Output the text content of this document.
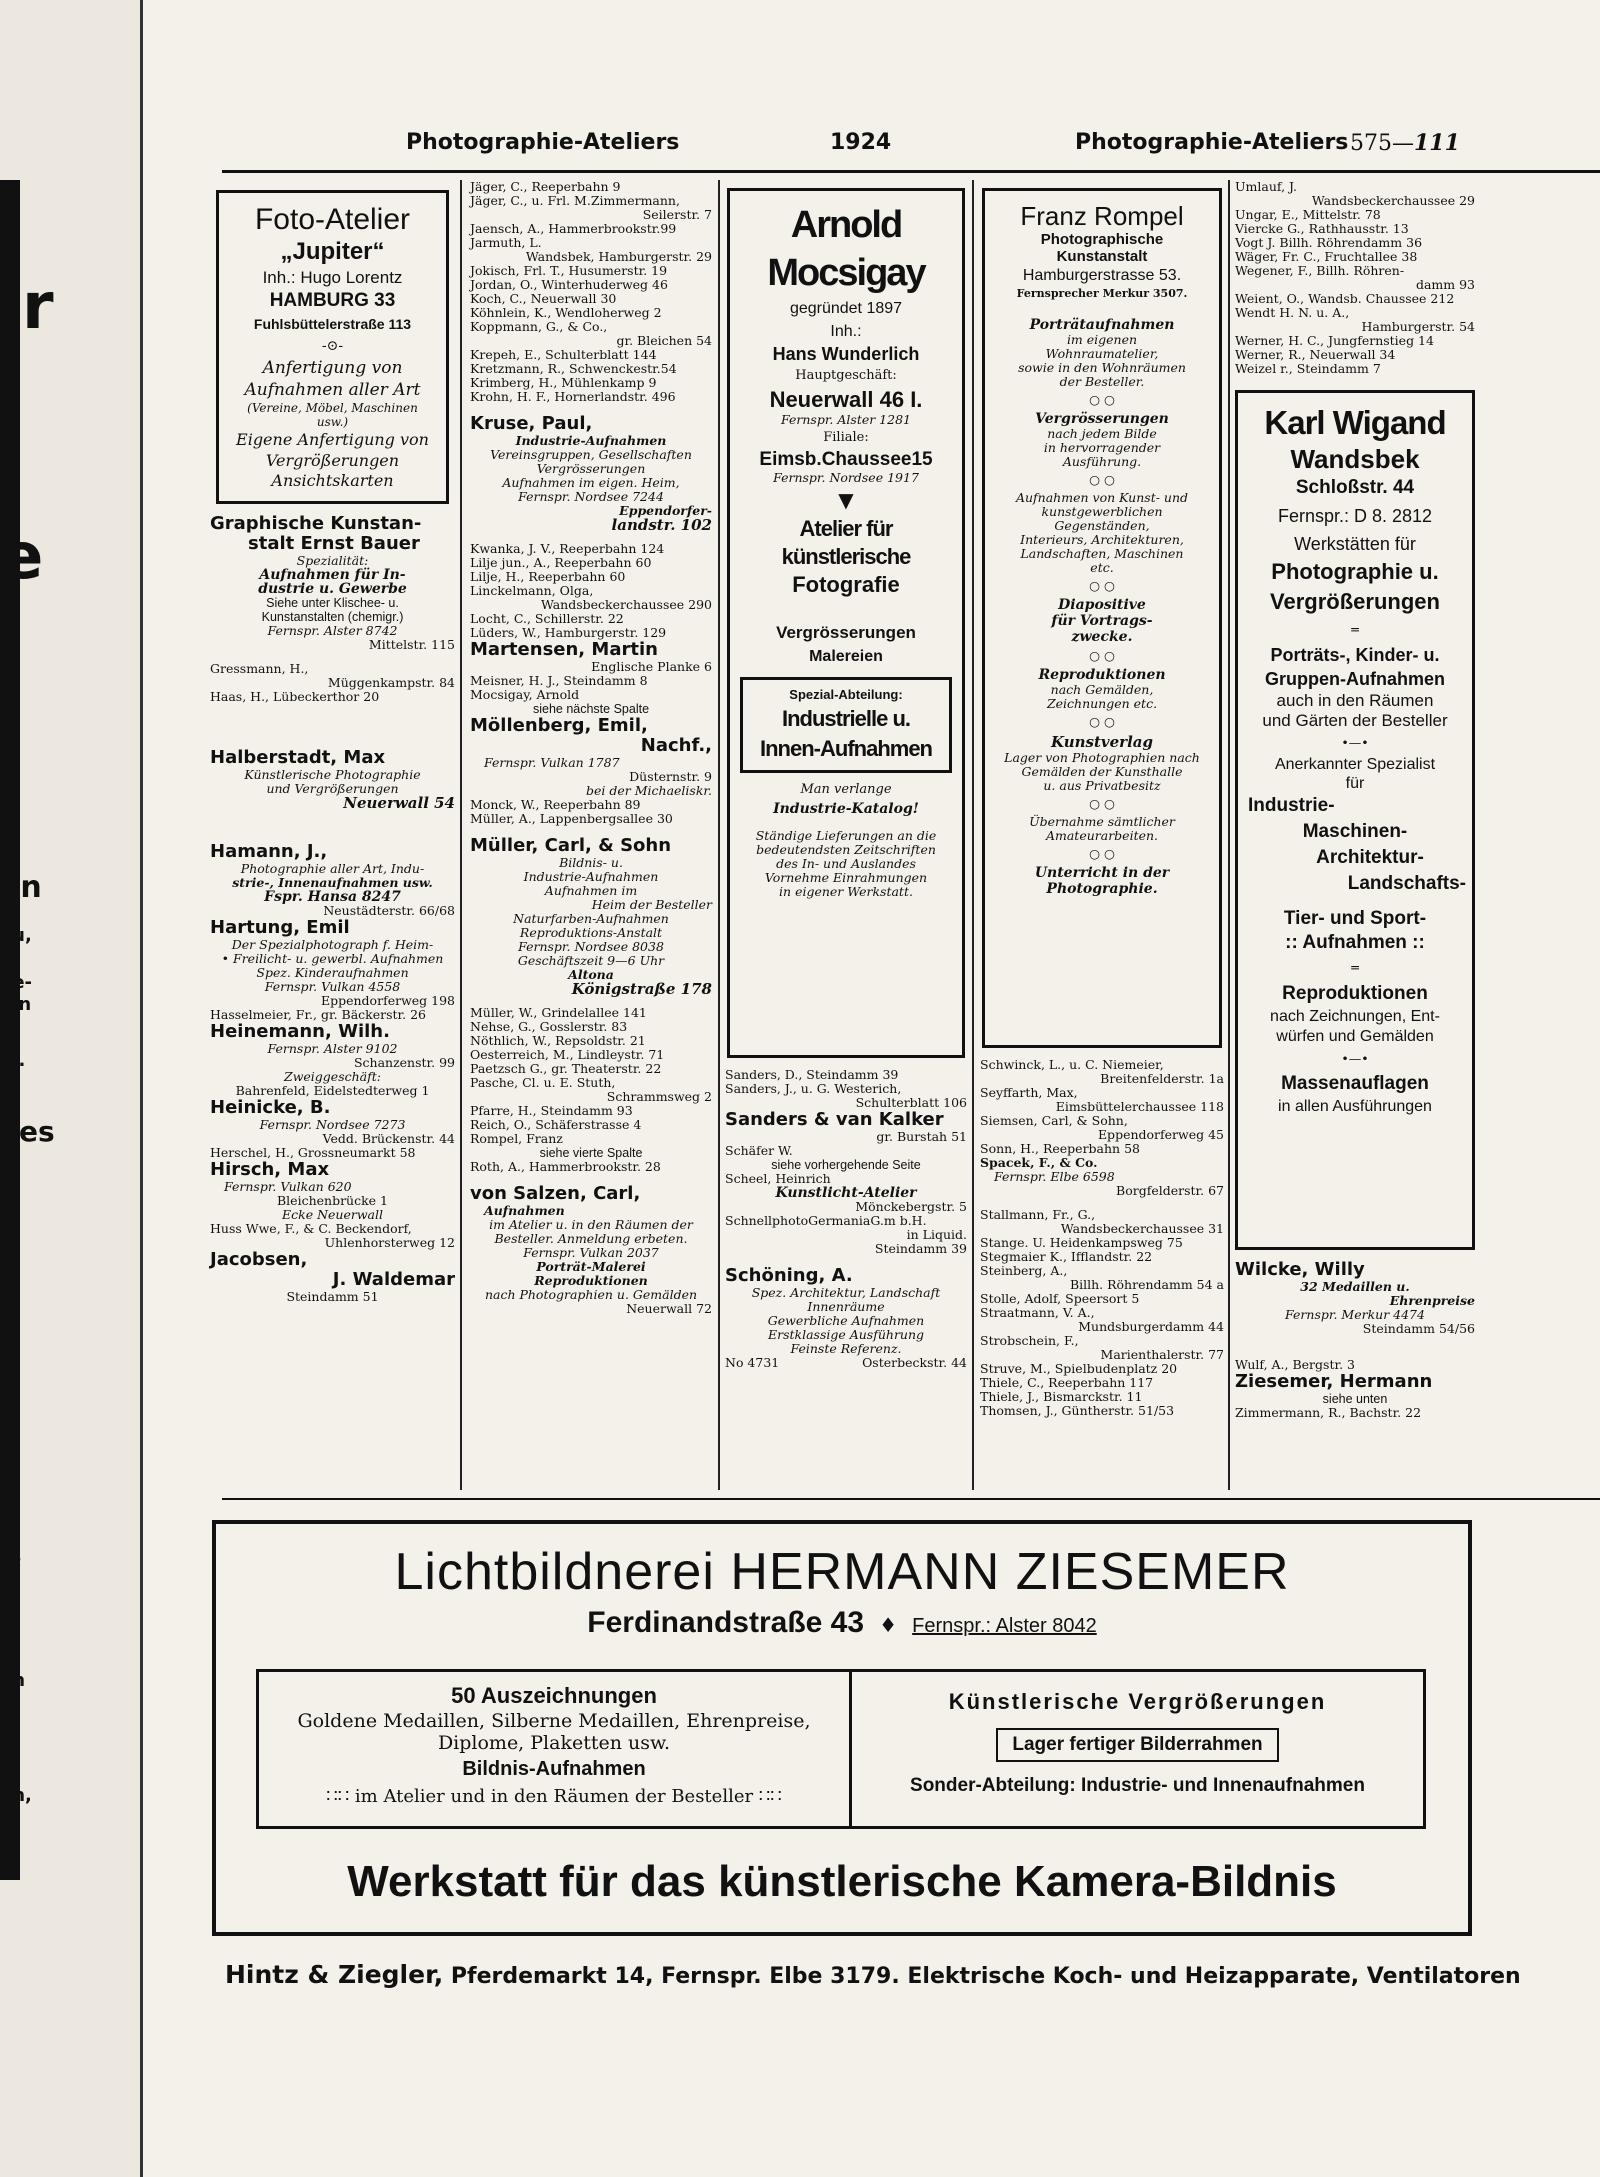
ır
e
B
)
1
en
au,
u
ıie-
ıen
ı
ol.
ees
n
e,
n
l
aft
en
n
en,
Photographie-Ateliers	1924	Photographie-Ateliers 575—111

Foto-Atelier

„Jupiter“

Inh.: Hugo Lorentz

HAMBURG 33

Fuhlsbüttelerstraße 113

-⊙-

Anfertigung von

Aufnahmen aller Art

(Vereine, Möbel, Maschinen

usw.)

Eigene Anfertigung von

Vergrößerungen

Ansichtskarten

Graphische Kunstan-

stalt Ernst Bauer

Spezialität:

Aufnahmen für In-

dustrie u. Gewerbe

Siehe unter Klischee- u.

Kunstanstalten (chemigr.)

Fernspr. Alster 8742

Mittelstr. 115

Gressmann, H.,

Müggenkampstr. 84

Haas, H., Lübeckerthor 20

Halberstadt, Max

Künstlerische Photographie

und Vergrößerungen

Neuerwall 54

Hamann, J.,

Photographie aller Art, Indu-

strie-, Innenaufnahmen usw.

Fspr. Hansa 8247

Neustädterstr. 66/68

Hartung, Emil

Der Spezialphotograph f. Heim-

• Freilicht- u. gewerbl. Aufnahmen

Spez. Kinderaufnahmen

Fernspr. Vulkan 4558

Eppendorferweg 198

Hasselmeier, Fr., gr. Bäckerstr. 26

Heinemann, Wilh.

Fernspr. Alster 9102

Schanzenstr. 99

Zweiggeschäft:

Bahrenfeld, Eidelstedterweg 1

Heinicke, B.

Fernspr. Nordsee 7273

Vedd. Brückenstr. 44

Herschel, H., Grossneumarkt 58

Hirsch, Max

Fernspr. Vulkan 620

Bleichenbrücke 1

Ecke Neuerwall

Huss Wwe, F., & C. Beckendorf,

Uhlenhorsterweg 12

Jacobsen,

J. Waldemar

Steindamm 51

Jäger, C., Reeperbahn 9

Jäger, C., u. Frl. M.Zimmermann,

Seilerstr. 7

Jaensch, A., Hammerbrookstr.99

Jarmuth, L.

Wandsbek, Hamburgerstr. 29

Jokisch, Frl. T., Husumerstr. 19

Jordan, O., Winterhuderweg 46

Koch, C., Neuerwall 30

Köhnlein, K., Wendloherweg 2

Koppmann, G., & Co.,

gr. Bleichen 54

Krepeh, E., Schulterblatt 144

Kretzmann, R., Schwenckestr.54

Krimberg, H., Mühlenkamp 9

Krohn, H. F., Hornerlandstr. 496

Kruse, Paul,

Industrie-Aufnahmen

Vereinsgruppen, Gesellschaften

Vergrösserungen

Aufnahmen im eigen. Heim,

Fernspr. Nordsee 7244

Eppendorfer-

landstr. 102

Kwanka, J. V., Reeperbahn 124

Lilje jun., A., Reeperbahn 60

Lilje, H., Reeperbahn 60

Linckelmann, Olga,

Wandsbeckerchaussee 290

Locht, C., Schillerstr. 22

Lüders, W., Hamburgerstr. 129

Martensen, Martin

Englische Planke 6

Meisner, H. J., Steindamm 8

Mocsigay, Arnold

siehe nächste Spalte

Möllenberg, Emil,

Nachf.,

Fernspr. Vulkan 1787

Düsternstr. 9

bei der Michaeliskr.

Monck, W., Reeperbahn 89

Müller, A., Lappenbergsallee 30

Müller, Carl, & Sohn

Bildnis- u.

Industrie-Aufnahmen

Aufnahmen im

Heim der Besteller

Naturfarben-Aufnahmen

Reproduktions-Anstalt

Fernspr. Nordsee 8038

Geschäftszeit 9—6 Uhr

Altona

Königstraße 178

Müller, W., Grindelallee 141

Nehse, G., Gosslerstr. 83

Nöthlich, W., Repsoldstr. 21

Oesterreich, M., Lindleystr. 71

Paetzsch G., gr. Theaterstr. 22

Pasche, Cl. u. E. Stuth,

Schrammsweg 2

Pfarre, H., Steindamm 93

Reich, O., Schäferstrasse 4

Rompel, Franz

siehe vierte Spalte

Roth, A., Hammerbrookstr. 28

von Salzen, Carl,

Aufnahmen

im Atelier u. in den Räumen der

Besteller. Anmeldung erbeten.

Fernspr. Vulkan 2037

Porträt-Malerei

Reproduktionen

nach Photographien u. Gemälden

Neuerwall 72

Arnold Mocsigay

gegründet 1897

Inh.:

Hans Wunderlich

Hauptgeschäft:

Neuerwall 46 I.

Fernspr. Alster 1281

Filiale:

Eimsb.Chaussee15

Fernspr. Nordsee 1917

▼

Atelier für künstlerische

Fotografie

Vergrösserungen

Malereien

Spezial-Abteilung:

Industrielle u.

Innen-Aufnahmen

Man verlange

Industrie-Katalog!

Ständige Lieferungen an die

bedeutendsten Zeitschriften

des In- und Auslandes

Vornehme Einrahmungen

in eigener Werkstatt.

Sanders, D., Steindamm 39

Sanders, J., u. G. Westerich,

Schulterblatt 106

Sanders & van Kalker

gr. Burstah 51

Schäfer W.

siehe vorhergehende Seite

Scheel, Heinrich

Kunstlicht-Atelier

Mönckebergstr. 5

SchnellphotoGermaniaG.m b.H.

in Liquid.

Steindamm 39

Schöning, A.

Spez. Architektur, Landschaft

Innenräume

Gewerbliche Aufnahmen

Erstklassige Ausführung

Feinste Referenz.

No 4731	Osterbeckstr. 44

Franz Rompel

Photographische

Kunstanstalt

Hamburgerstrasse 53.

Fernsprecher Merkur 3507.

Porträtaufnahmen

im eigenen

Wohnraumatelier,

sowie in den Wohnräumen

der Besteller.

○ ○

Vergrösserungen

nach jedem Bilde

in hervorragender

Ausführung.

○ ○

Aufnahmen von Kunst- und

kunstgewerblichen

Gegenständen,

Interieurs, Architekturen,

Landschaften, Maschinen

etc.

○ ○

Diapositive

für Vortrags-

zwecke.

○ ○

Reproduktionen

nach Gemälden,

Zeichnungen etc.

○ ○

Kunstverlag

Lager von Photographien nach

Gemälden der Kunsthalle

u. aus Privatbesitz

○ ○

Übernahme sämtlicher

Amateurarbeiten.

○ ○

Unterricht in der

Photographie.

Schwinck, L., u. C. Niemeier,

Breitenfelderstr. 1a

Seyffarth, Max,

Eimsbüttelerchaussee 118

Siemsen, Carl, & Sohn,

Eppendorferweg 45

Sonn, H., Reeperbahn 58

Spacek, F., & Co.

Fernspr. Elbe 6598

Borgfelderstr. 67

Stallmann, Fr., G.,

Wandsbeckerchaussee 31

Stange. U. Heidenkampsweg 75

Stegmaier K., Ifflandstr. 22

Steinberg, A.,

Billh. Röhrendamm 54 a

Stolle, Adolf, Speersort 5

Straatmann, V. A.,

Mundsburgerdamm 44

Strobschein, F.,

Marienthalerstr. 77

Struve, M., Spielbudenplatz 20

Thiele, C., Reeperbahn 117

Thiele, J., Bismarckstr. 11

Thomsen, J., Güntherstr. 51/53

Umlauf, J.

Wandsbeckerchaussee 29

Ungar, E., Mittelstr. 78

Viercke G., Rathhausstr. 13

Vogt J. Billh. Röhrendamm 36

Wäger, Fr. C., Fruchtallee 38

Wegener, F., Billh. Röhren-

damm 93

Weient, O., Wandsb. Chaussee 212

Wendt H. N. u. A.,

Hamburgerstr. 54

Werner, H. C., Jungfernstieg 14

Werner, R., Neuerwall 34

Weizel r., Steindamm 7

Karl Wigand

Wandsbek

Schloßstr. 44

Fernspr.: D 8. 2812

Werkstätten für

Photographie u.

Vergrößerungen

═

Porträts-, Kinder- u.

Gruppen-Aufnahmen

auch in den Räumen

und Gärten der Besteller

•—•

Anerkannter Spezialist

für

Industrie-

Maschinen-

Architektur-

Landschafts-

Tier- und Sport-

:: Aufnahmen ::

═

Reproduktionen

nach Zeichnungen, Ent-

würfen und Gemälden

•—•

Massenauflagen

in allen Ausführungen

Wilcke, Willy

32 Medaillen u.

Ehrenpreise

Fernspr. Merkur 4474

Steindamm 54/56

Wulf, A., Bergstr. 3

Ziesemer, Hermann

siehe unten

Zimmermann, R., Bachstr. 22

Lichtbildnerei HERMANN ZIESEMER
Ferdinandstraße 43 ♦ Fernspr.: Alster 8042

50 Auszeichnungen

Goldene Medaillen, Silberne Medaillen, Ehrenpreise,

Diplome, Plaketten usw.

Bildnis-Aufnahmen

∷∷ im Atelier und in den Räumen der Besteller ∷∷

Künstlerische Vergrößerungen

Lager fertiger Bilderrahmen

Sonder-Abteilung: Industrie- und Innenaufnahmen

Werkstatt für das künstlerische Kamera-Bildnis
Hintz & Ziegler, Pferdemarkt 14, Fernspr. Elbe 3179. Elektrische Koch- und Heizapparate, Ventilatoren
